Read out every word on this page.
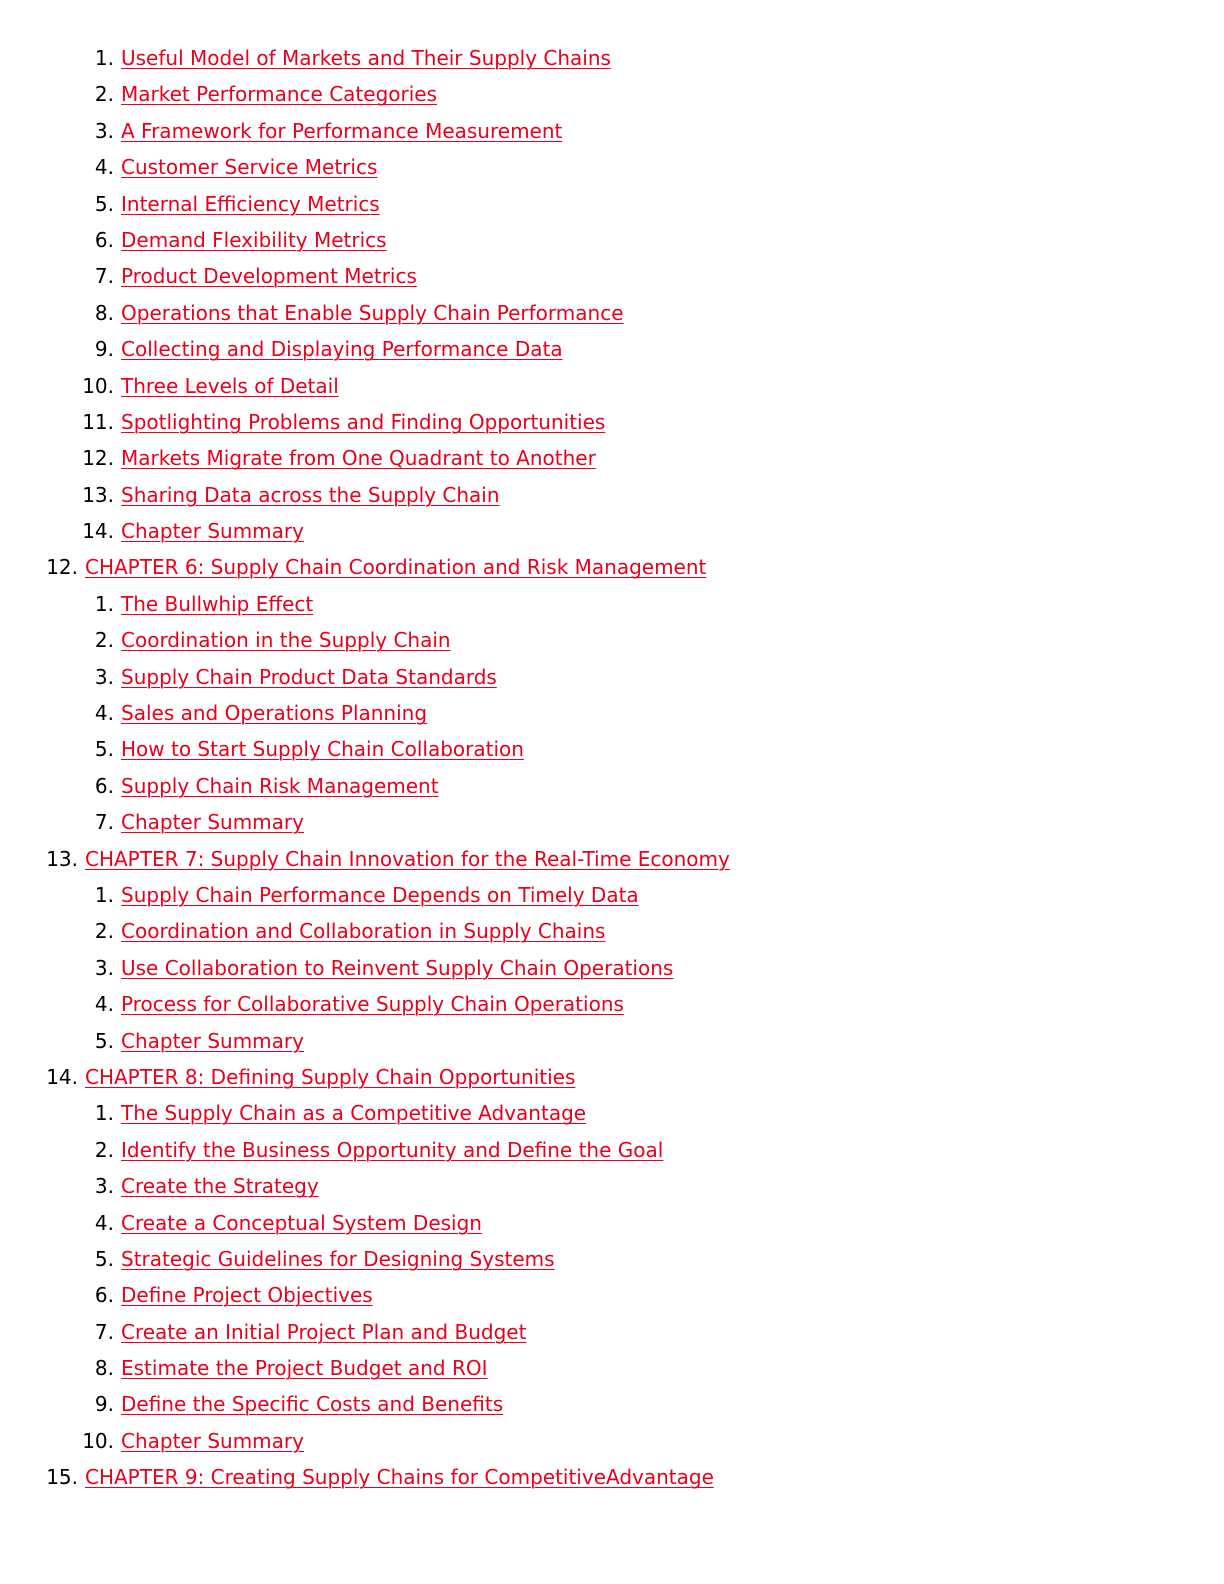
1. Useful Model of Markets and Their Supply Chains
2. Market Performance Categories
3. A Framework for Performance Measurement
4. Customer Service Metrics
5. Internal Efficiency Metrics
6. Demand Flexibility Metrics
7. Product Development Metrics
8. Operations that Enable Supply Chain Performance
9. Collecting and Displaying Performance Data
10. Three Levels of Detail
11. Spotlighting Problems and Finding Opportunities
12. Markets Migrate from One Quadrant to Another
13. Sharing Data across the Supply Chain
14. Chapter Summary
12. CHAPTER 6: Supply Chain Coordination and Risk Management
1. The Bullwhip Effect
2. Coordination in the Supply Chain
3. Supply Chain Product Data Standards
4. Sales and Operations Planning
5. How to Start Supply Chain Collaboration
6. Supply Chain Risk Management
7. Chapter Summary
13. CHAPTER 7: Supply Chain Innovation for the Real-Time Economy
1. Supply Chain Performance Depends on Timely Data
2. Coordination and Collaboration in Supply Chains
3. Use Collaboration to Reinvent Supply Chain Operations
4. Process for Collaborative Supply Chain Operations
5. Chapter Summary
14. CHAPTER 8: Defining Supply Chain Opportunities
1. The Supply Chain as a Competitive Advantage
2. Identify the Business Opportunity and Define the Goal
3. Create the Strategy
4. Create a Conceptual System Design
5. Strategic Guidelines for Designing Systems
6. Define Project Objectives
7. Create an Initial Project Plan and Budget
8. Estimate the Project Budget and ROI
9. Define the Specific Costs and Benefits
10. Chapter Summary
15. CHAPTER 9: Creating Supply Chains for CompetitiveAdvantage
